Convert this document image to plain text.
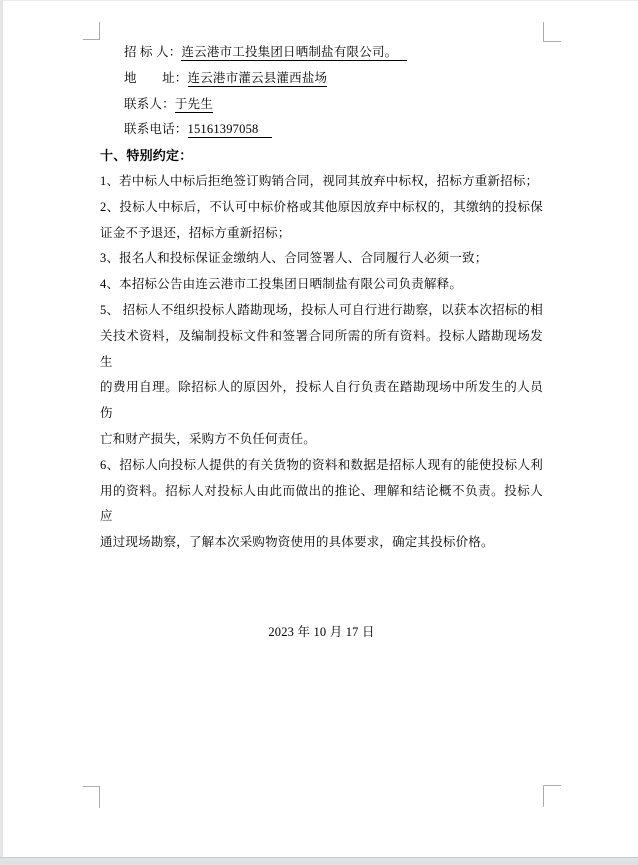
招 标 人：连云港市工投集团日晒制盐有限公司。
地　　址：连云港市灌云县灌西盐场
联系人：于先生
联系电话：15161397058
十、特别约定：
1、若中标人中标后拒绝签订购销合同，视同其放弃中标权，招标方重新招标；
2、投标人中标后，不认可中标价格或其他原因放弃中标权的，其缴纳的投标保
证金不予退还，招标方重新招标；
3、报名人和投标保证金缴纳人、合同签署人、合同履行人必须一致；
4、本招标公告由连云港市工投集团日晒制盐有限公司负责解释。
5、 招标人不组织投标人踏勘现场，投标人可自行进行勘察，以获本次招标的相
关技术资料，及编制投标文件和签署合同所需的所有资料。投标人踏勘现场发生
的费用自理。除招标人的原因外，投标人自行负责在踏勘现场中所发生的人员伤
亡和财产损失，采购方不负任何责任。
6、招标人向投标人提供的有关货物的资料和数据是招标人现有的能使投标人利
用的资料。招标人对投标人由此而做出的推论、理解和结论概不负责。投标人应
通过现场勘察，了解本次采购物资使用的具体要求，确定其投标价格。
2023 年 10 月 17 日
